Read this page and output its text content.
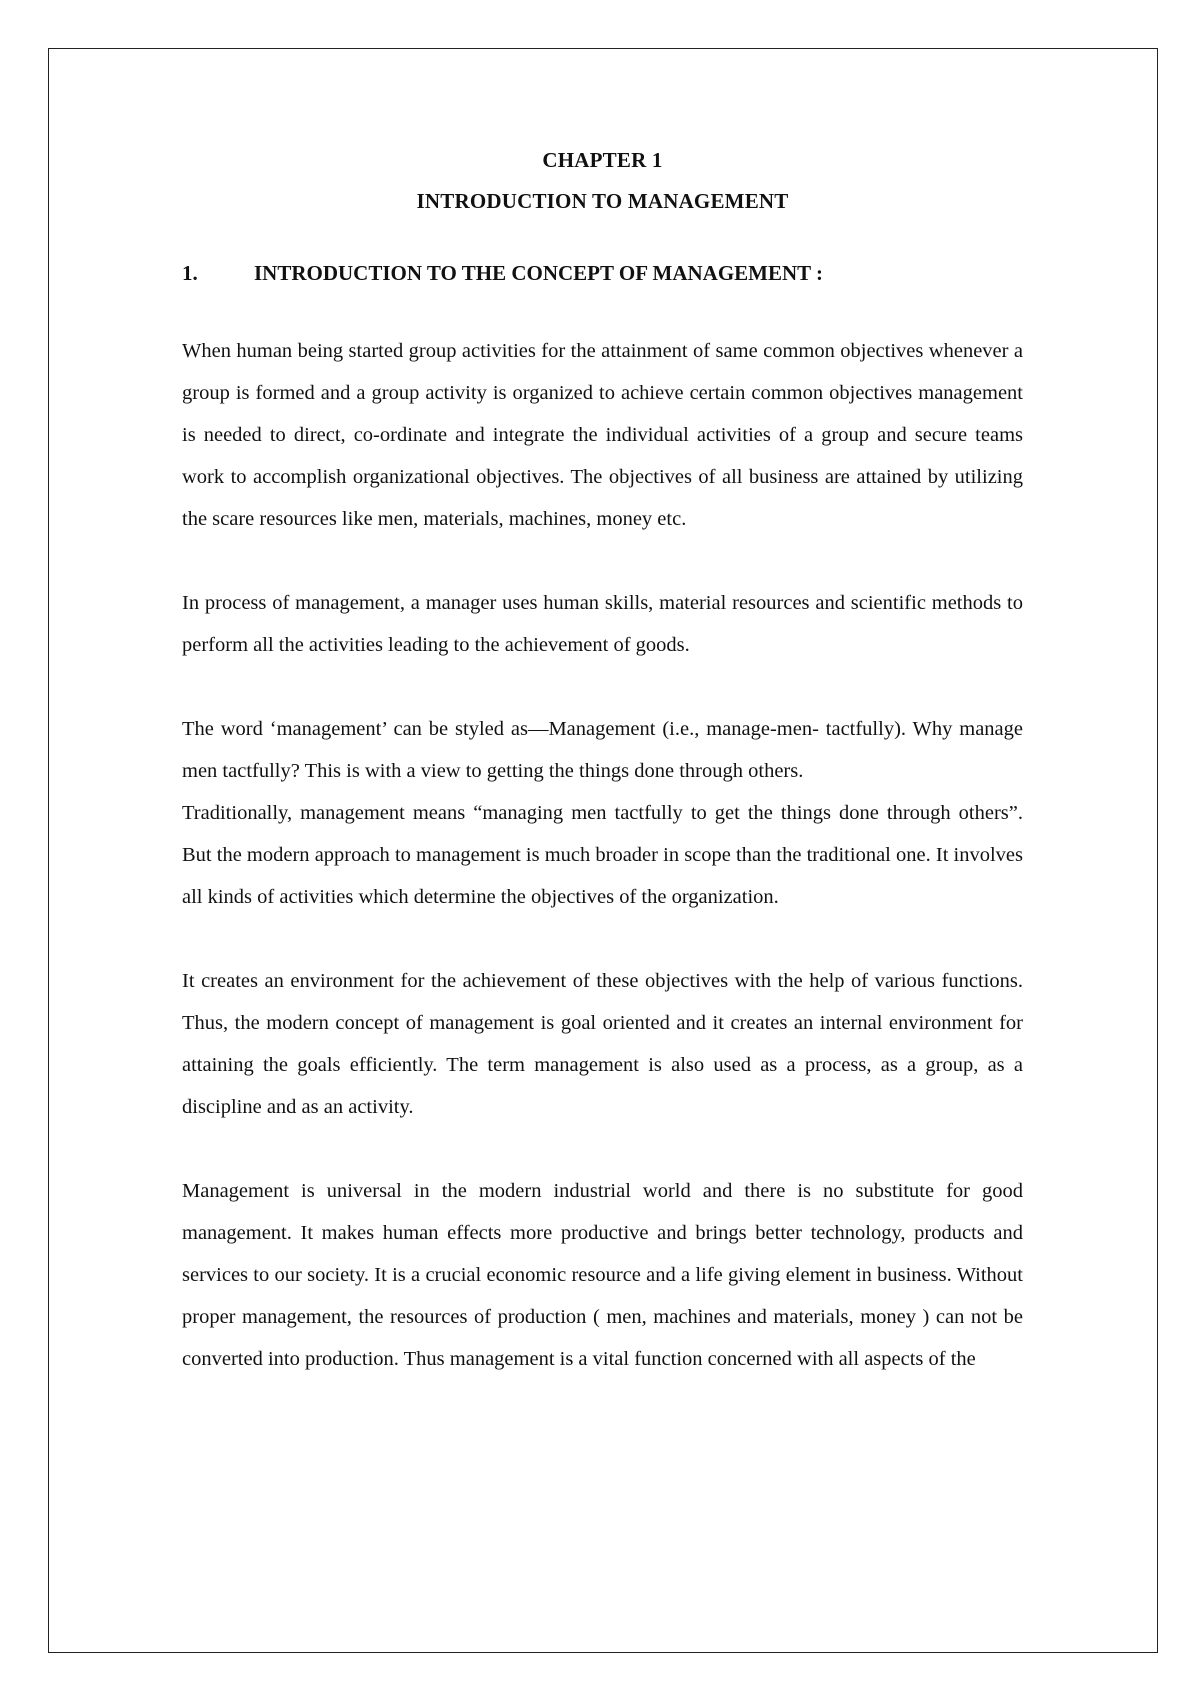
CHAPTER 1

INTRODUCTION TO MANAGEMENT

1.	INTRODUCTION TO THE CONCEPT OF MANAGEMENT :

When human being started group activities for the attainment of same common objectives whenever a group is formed and a group activity is organized to achieve certain common objectives management is needed to direct, co-ordinate and integrate the individual activities of a group and secure teams work to accomplish organizational objectives. The objectives of all business are attained by utilizing the scare resources like men, materials, machines, money etc.

In process of management, a manager uses human skills, material resources and scientific methods to perform all the activities leading to the achievement of goods.

The word ‘management’ can be styled as—Management (i.e., manage-men- tactfully). Why manage men tactfully? This is with a view to getting the things done through others.

Traditionally, management means “managing men tactfully to get the things done through others”. But the modern approach to management is much broader in scope than the traditional one. It involves all kinds of activities which determine the objectives of the organization.

It creates an environment for the achievement of these objectives with the help of various functions. Thus, the modern concept of management is goal oriented and it creates an internal environment for attaining the goals efficiently. The term management is also used as a process, as a group, as a discipline and as an activity.

Management is universal in the modern industrial world and there is no substitute for good management. It makes human effects more productive and brings better technology, products and services to our society. It is a crucial economic resource and a life giving element in business. Without proper management, the resources of production ( men, machines and materials, money ) can not be converted into production. Thus management is a vital function concerned with all aspects of the
